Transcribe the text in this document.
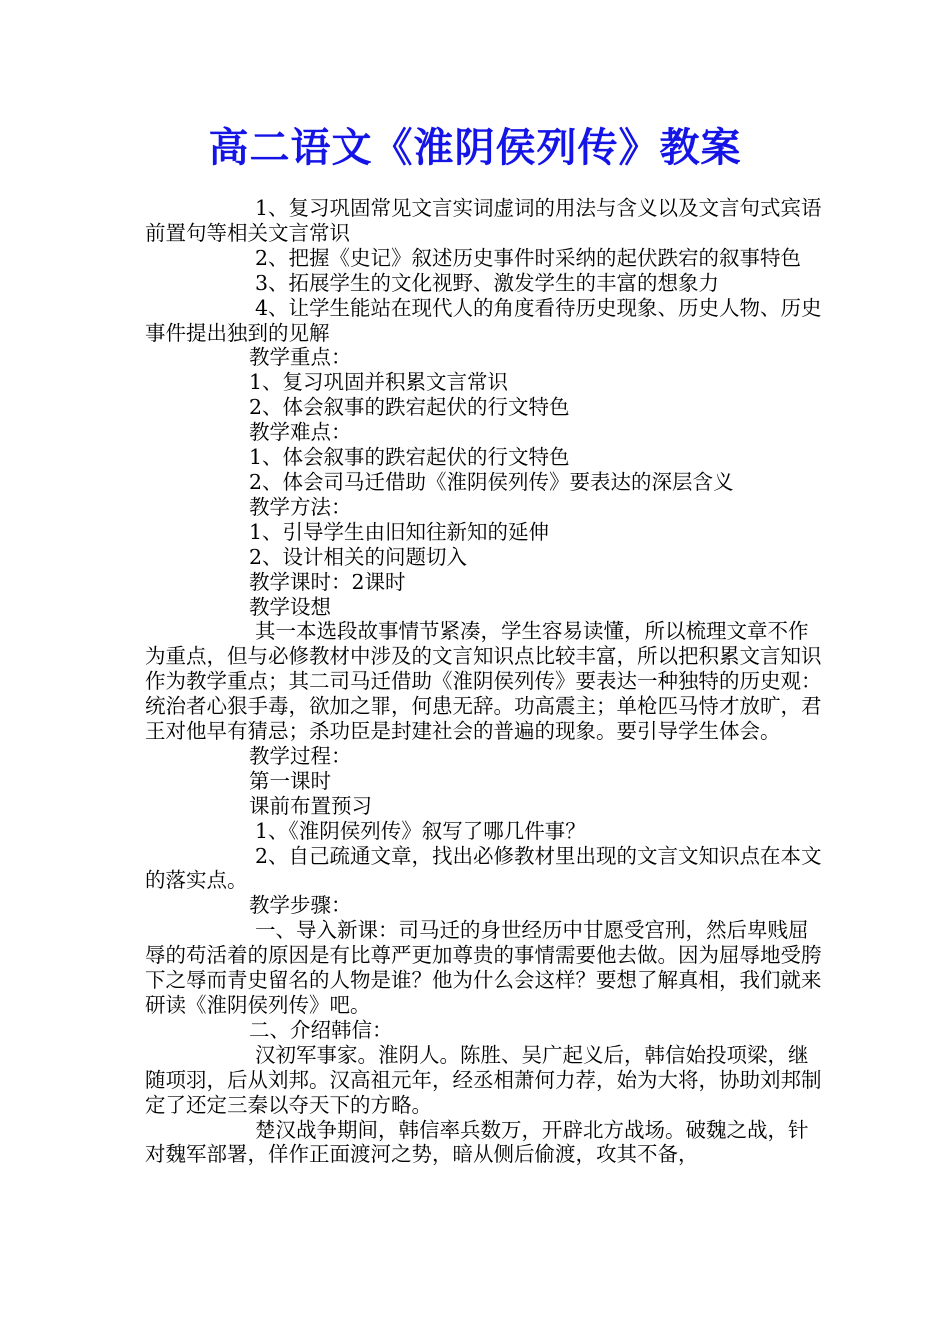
高二语文《淮阴侯列传》教案

1、复习巩固常见文言实词虚词的用法与含义以及文言句式宾语前置句等相关文言常识

2、把握《史记》叙述历史事件时采纳的起伏跌宕的叙事特色

3、拓展学生的文化视野、激发学生的丰富的想象力

4、让学生能站在现代人的角度看待历史现象、历史人物、历史事件提出独到的见解

教学重点：

1、复习巩固并积累文言常识

2、体会叙事的跌宕起伏的行文特色

教学难点：

1、体会叙事的跌宕起伏的行文特色

2、体会司马迁借助《淮阴侯列传》要表达的深层含义

教学方法：

1、引导学生由旧知往新知的延伸

2、设计相关的问题切入

教学课时：2课时

教学设想

其一本选段故事情节紧凑，学生容易读懂，所以梳理文章不作为重点，但与必修教材中涉及的文言知识点比较丰富，所以把积累文言知识作为教学重点；其二司马迁借助《淮阴侯列传》要表达一种独特的历史观：统治者心狠手毒，欲加之罪，何患无辞。功高震主；单枪匹马恃才放旷，君王对他早有猜忌；杀功臣是封建社会的普遍的现象。要引导学生体会。

教学过程：

第一课时

课前布置预习

1、《淮阴侯列传》叙写了哪几件事？

2、自己疏通文章，找出必修教材里出现的文言文知识点在本文的落实点。

教学步骤：

一、导入新课：司马迁的身世经历中甘愿受宫刑，然后卑贱屈辱的苟活着的原因是有比尊严更加尊贵的事情需要他去做。因为屈辱地受胯下之辱而青史留名的人物是谁？他为什么会这样？要想了解真相，我们就来研读《淮阴侯列传》吧。

二、介绍韩信：

汉初军事家。淮阴人。陈胜、吴广起义后，韩信始投项梁，继随项羽，后从刘邦。汉高祖元年，经丞相萧何力荐，始为大将，协助刘邦制定了还定三秦以夺天下的方略。

楚汉战争期间，韩信率兵数万，开辟北方战场。破魏之战，针对魏军部署，佯作正面渡河之势，暗从侧后偷渡，攻其不备，
